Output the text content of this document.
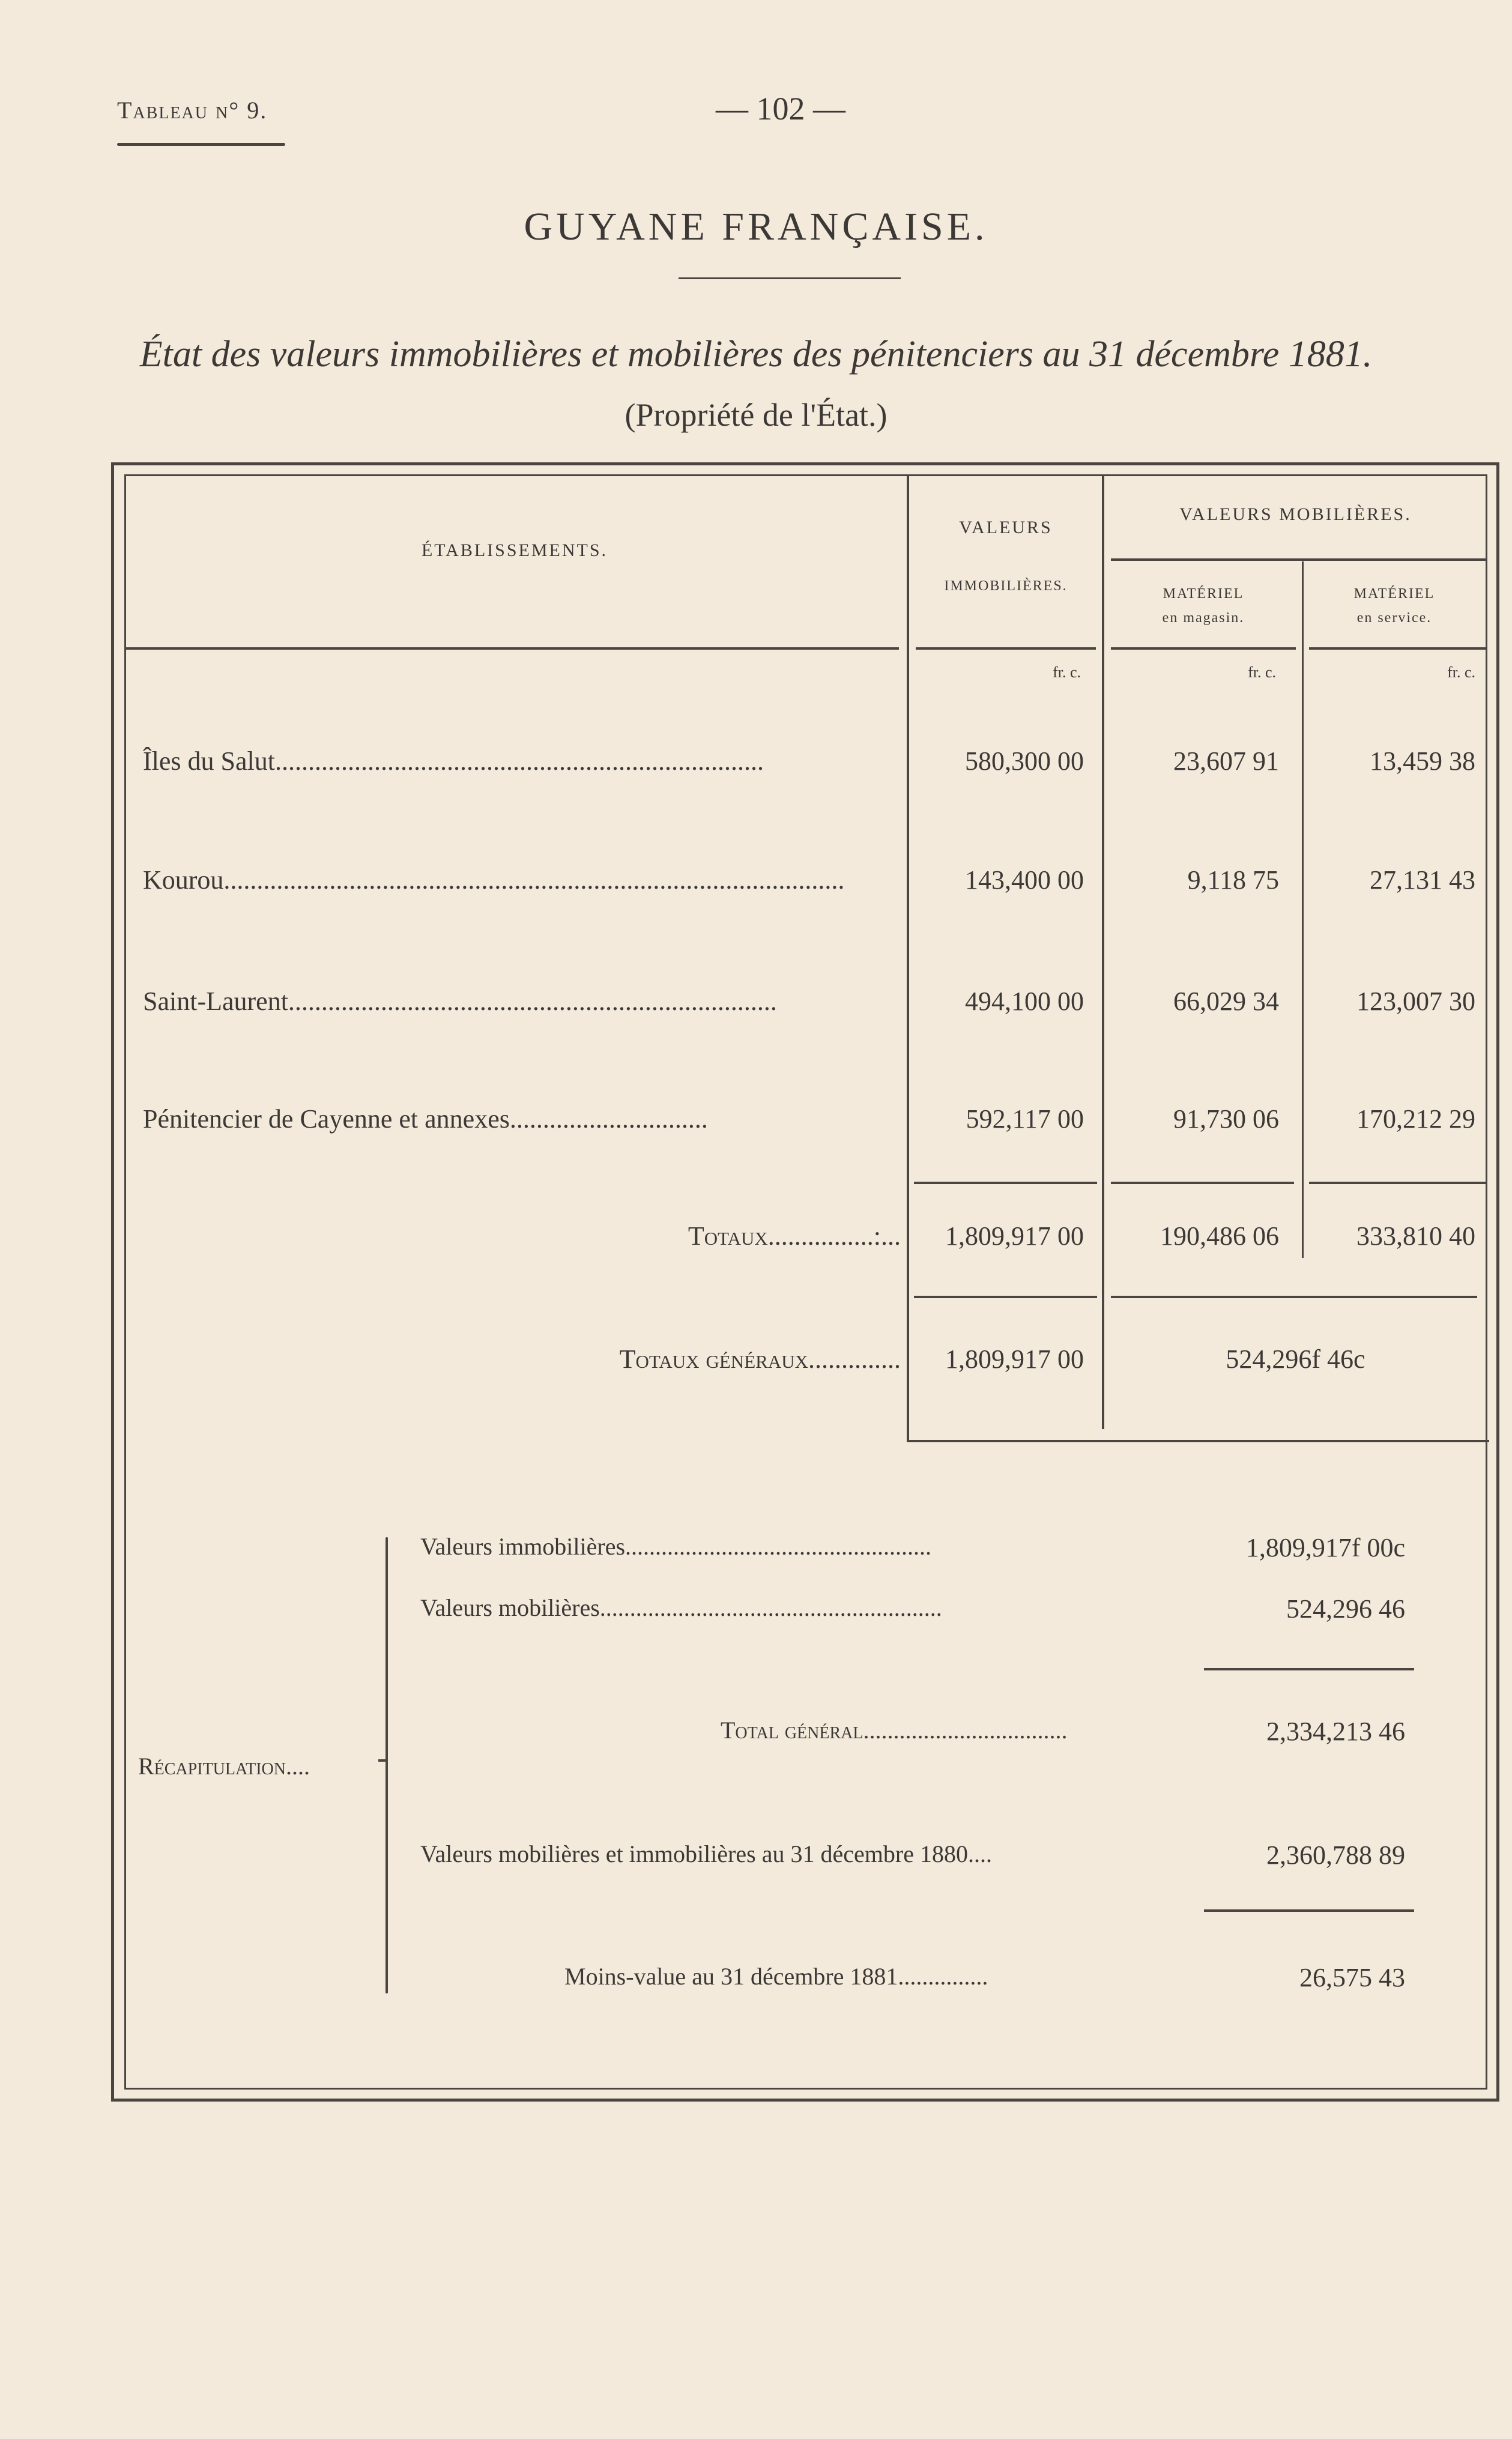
Tableau n° 9.	— 102 —
GUYANE FRANÇAISE.
État des valeurs immobilières et mobilières des pénitenciers au 31 décembre 1881.
(Propriété de l'État.)
ÉTABLISSEMENTS.
VALEURS
IMMOBILIÈRES.
VALEURS MOBILIÈRES.
MATÉRIEL
en magasin.
MATÉRIEL
en service.
fr. c.	fr. c.	fr. c.
Îles du Salut..........................................................................	580,300 00	23,607 91	13,459 38
Kourou..............................................................................................	143,400 00	9,118 75	27,131 43
Saint-Laurent..........................................................................	494,100 00	66,029 34	123,007 30
Pénitencier de Cayenne et annexes..............................	592,117 00	91,730 06	170,212 29
Totaux................:...	1,809,917 00	190,486 06	333,810 40
Totaux généraux..............	1,809,917 00	524,296f 46c
Récapitulation....
Valeurs immobilières...................................................	1,809,917f 00c
Valeurs mobilières.........................................................	524,296 46
Total général..................................	2,334,213 46
Valeurs mobilières et immobilières au 31 décembre 1880....	2,360,788 89
Moins-value au 31 décembre 1881...............	26,575 43
